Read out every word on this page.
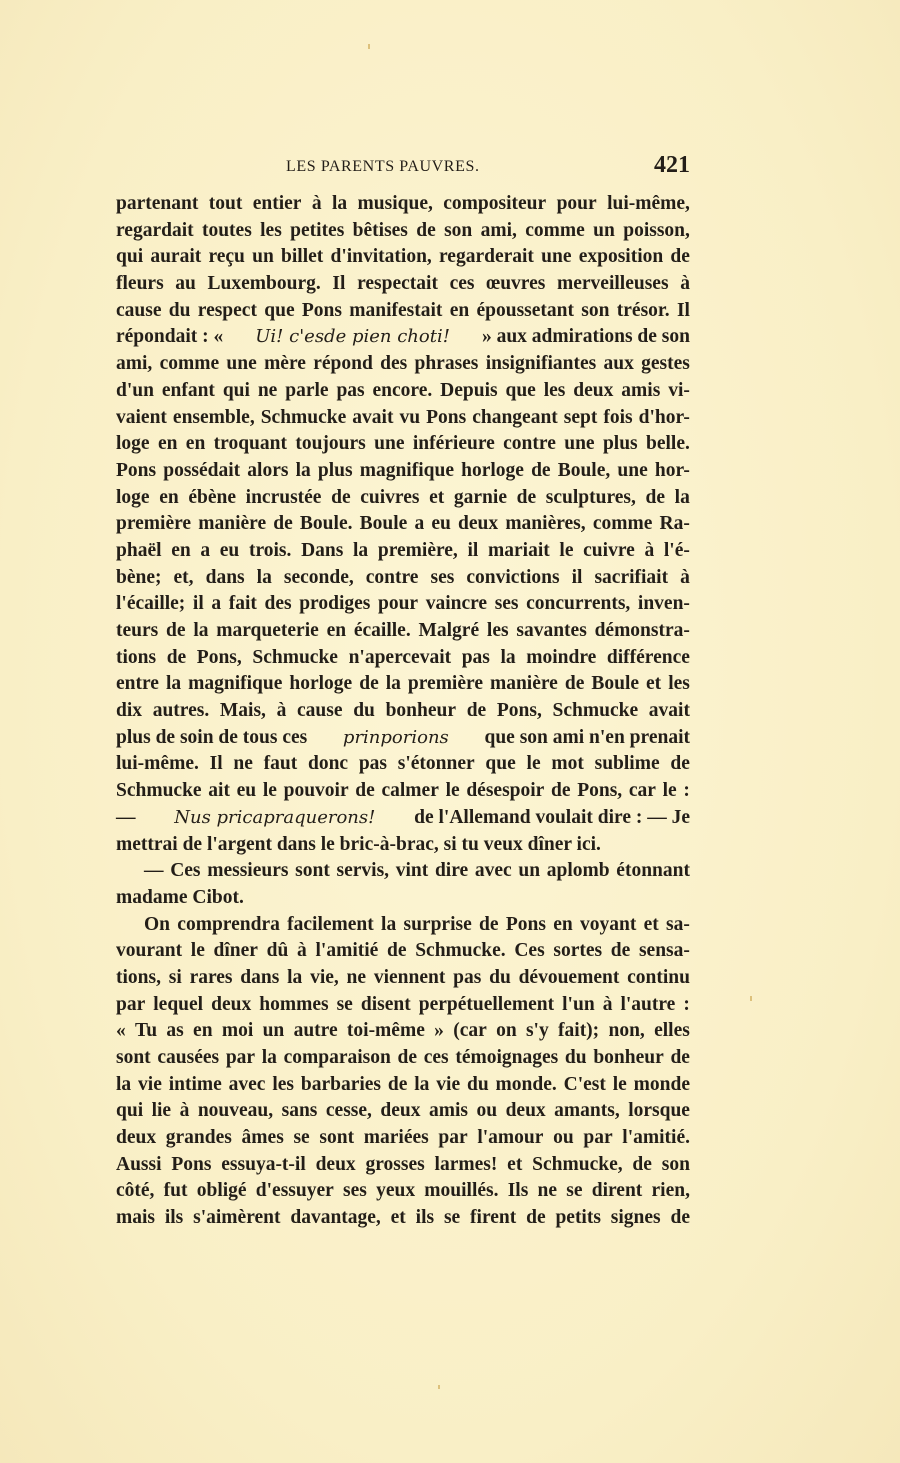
LES PARENTS PAUVRES.	421
partenant tout entier à la musique, compositeur pour lui-même,
regardait toutes les petites bêtises de son ami, comme un poisson,
qui aurait reçu un billet d'invitation, regarderait une exposition de
fleurs au Luxembourg. Il respectait ces œuvres merveilleuses à
cause du respect que Pons manifestait en époussetant son trésor. Il
répondait : « Ui! c'esde pien choti! » aux admirations de son
ami, comme une mère répond des phrases insignifiantes aux gestes
d'un enfant qui ne parle pas encore. Depuis que les deux amis vi-
vaient ensemble, Schmucke avait vu Pons changeant sept fois d'hor-
loge en en troquant toujours une inférieure contre une plus belle.
Pons possédait alors la plus magnifique horloge de Boule, une hor-
loge en ébène incrustée de cuivres et garnie de sculptures, de la
première manière de Boule. Boule a eu deux manières, comme Ra-
phaël en a eu trois. Dans la première, il mariait le cuivre à l'é-
bène; et, dans la seconde, contre ses convictions il sacrifiait à
l'écaille; il a fait des prodiges pour vaincre ses concurrents, inven-
teurs de la marqueterie en écaille. Malgré les savantes démonstra-
tions de Pons, Schmucke n'apercevait pas la moindre différence
entre la magnifique horloge de la première manière de Boule et les
dix autres. Mais, à cause du bonheur de Pons, Schmucke avait
plus de soin de tous ces prinporions que son ami n'en prenait
lui-même. Il ne faut donc pas s'étonner que le mot sublime de
Schmucke ait eu le pouvoir de calmer le désespoir de Pons, car le :
— Nus pricapraquerons! de l'Allemand voulait dire : — Je
mettrai de l'argent dans le bric-à-brac, si tu veux dîner ici.
— Ces messieurs sont servis, vint dire avec un aplomb étonnant
madame Cibot.
On comprendra facilement la surprise de Pons en voyant et sa-
vourant le dîner dû à l'amitié de Schmucke. Ces sortes de sensa-
tions, si rares dans la vie, ne viennent pas du dévouement continu
par lequel deux hommes se disent perpétuellement l'un à l'autre :
« Tu as en moi un autre toi-même » (car on s'y fait); non, elles
sont causées par la comparaison de ces témoignages du bonheur de
la vie intime avec les barbaries de la vie du monde. C'est le monde
qui lie à nouveau, sans cesse, deux amis ou deux amants, lorsque
deux grandes âmes se sont mariées par l'amour ou par l'amitié.
Aussi Pons essuya-t-il deux grosses larmes! et Schmucke, de son
côté, fut obligé d'essuyer ses yeux mouillés. Ils ne se dirent rien,
mais ils s'aimèrent davantage, et ils se firent de petits signes de
